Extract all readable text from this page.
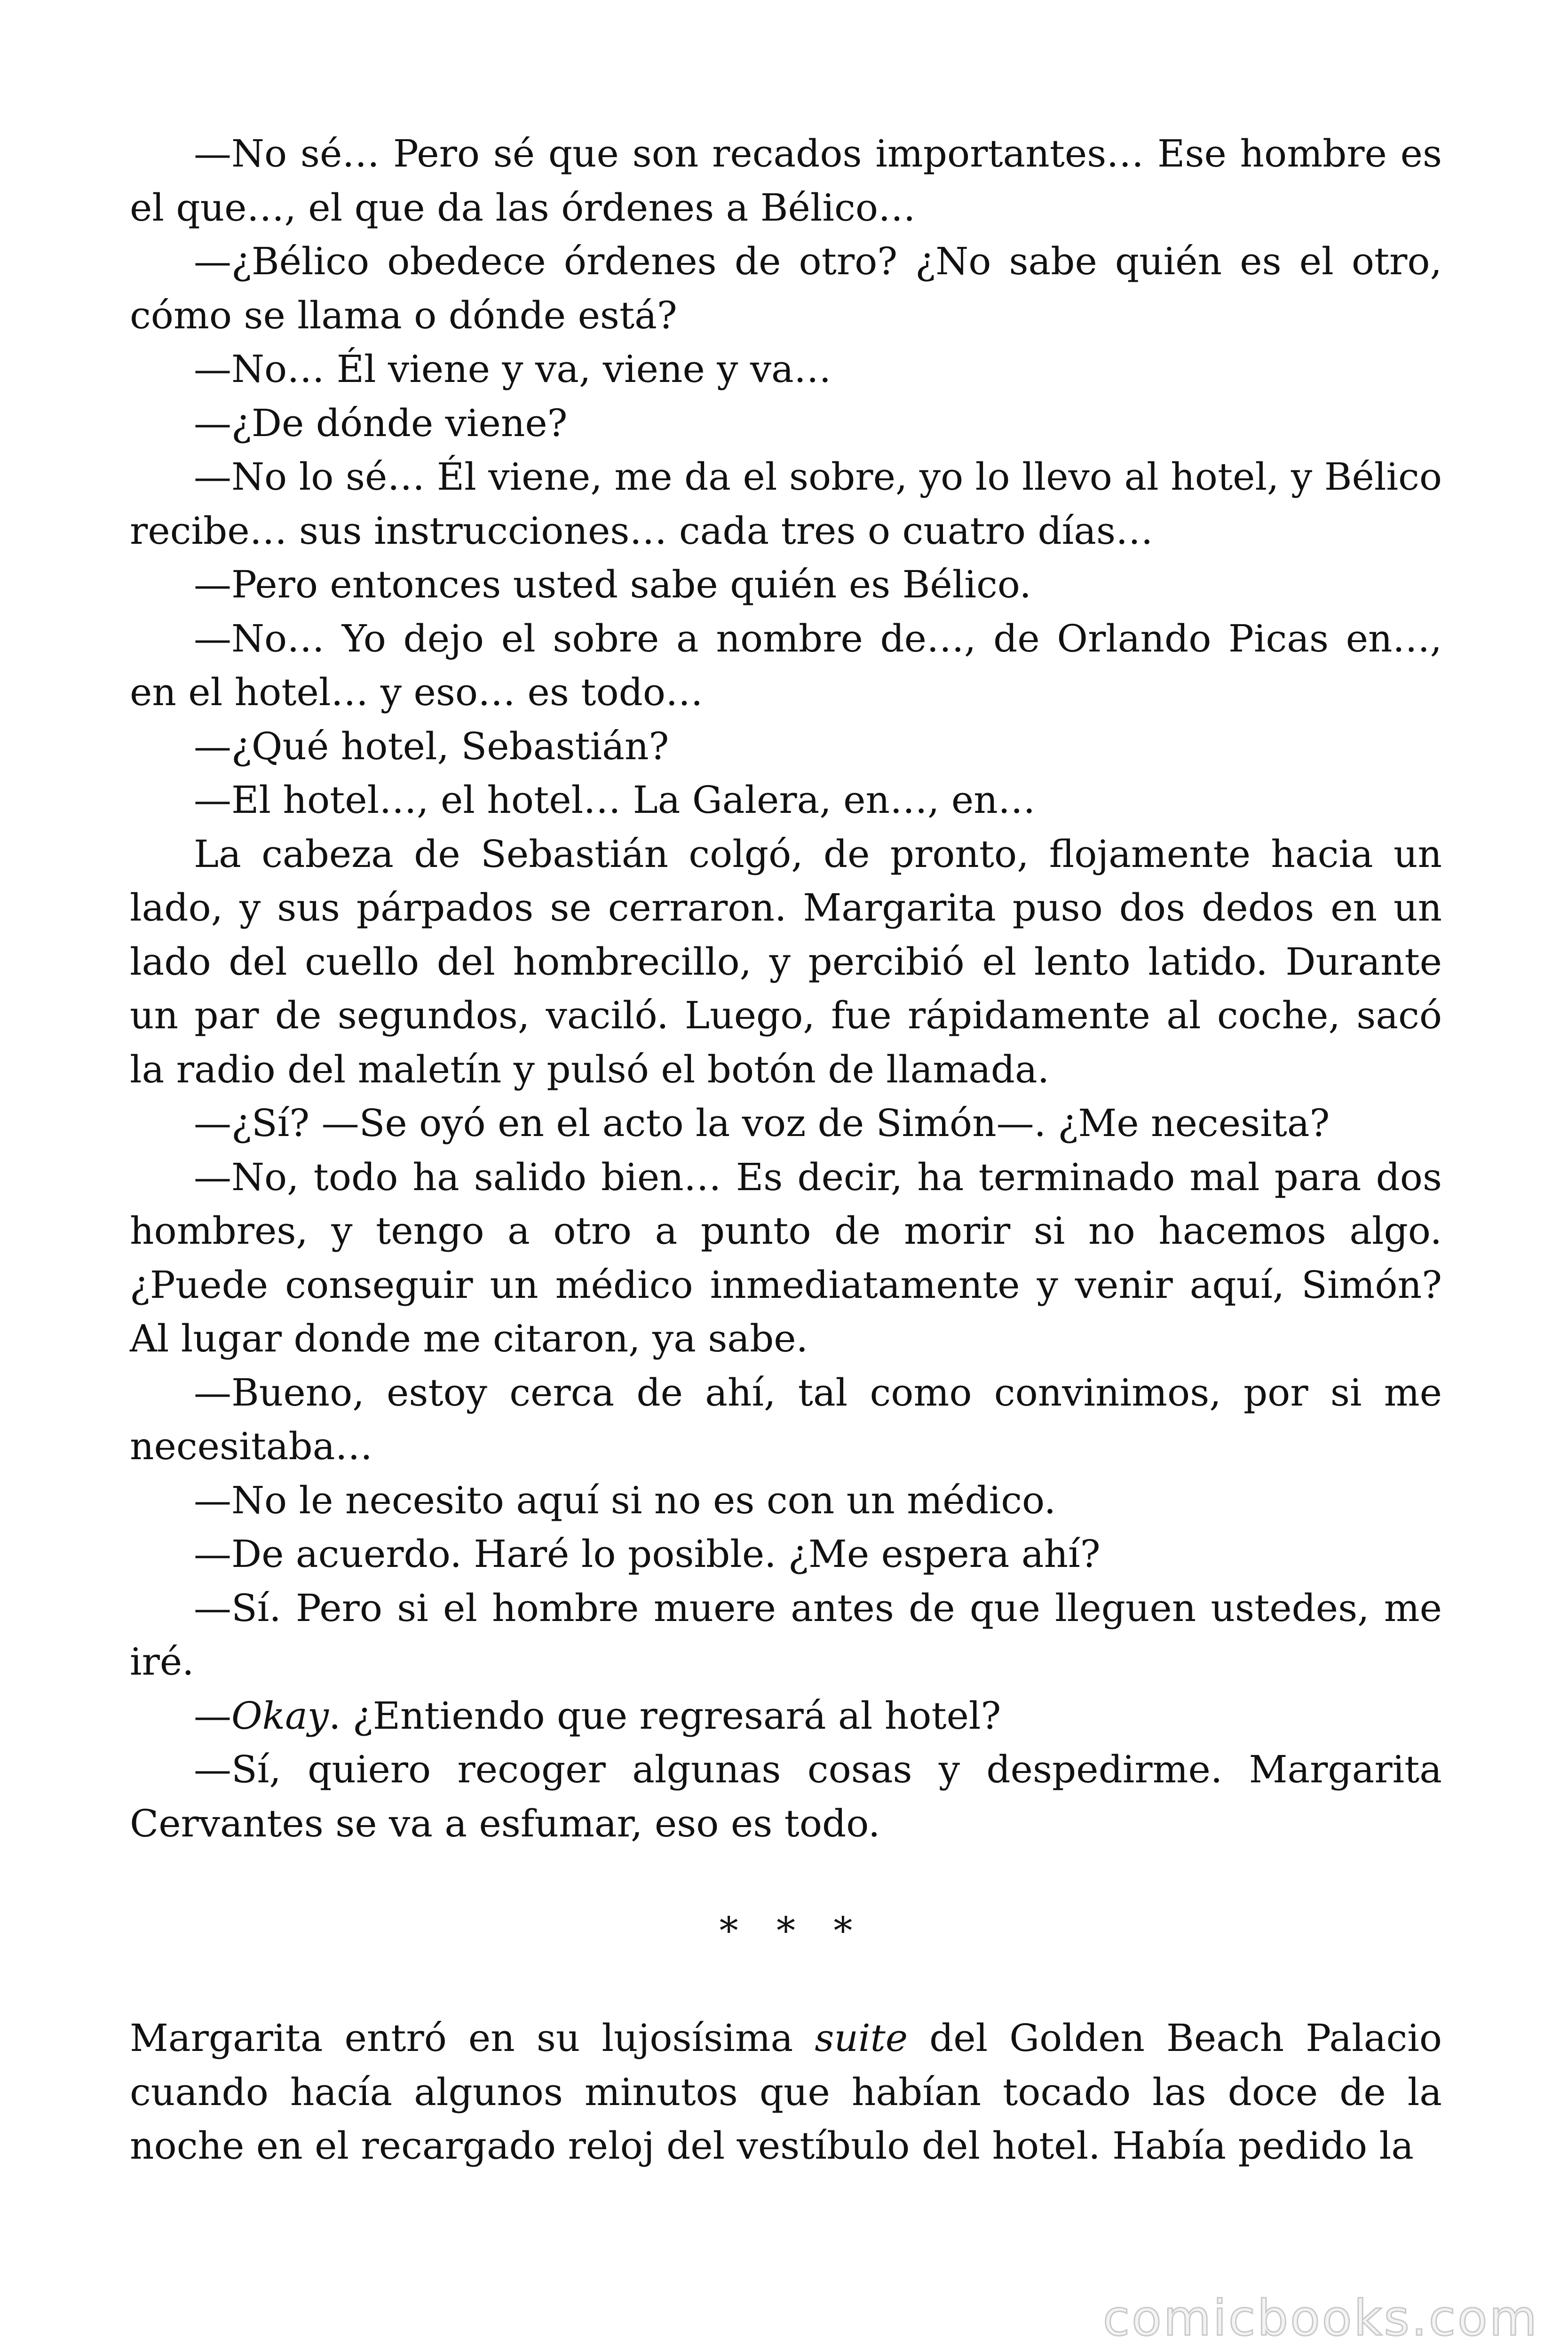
—No sé… Pero sé que son recados importantes… Ese hombre es el que…, el que da las órdenes a Bélico…

—¿Bélico obedece órdenes de otro? ¿No sabe quién es el otro, cómo se llama o dónde está?

—No… Él viene y va, viene y va…

—¿De dónde viene?

—No lo sé… Él viene, me da el sobre, yo lo llevo al hotel, y Bélico recibe… sus instrucciones… cada tres o cuatro días…

—Pero entonces usted sabe quién es Bélico.

—No… Yo dejo el sobre a nombre de…, de Orlando Picas en…, en el hotel… y eso… es todo…

—¿Qué hotel, Sebastián?

—El hotel…, el hotel… La Galera, en…, en…

La cabeza de Sebastián colgó, de pronto, flojamente hacia un lado, y sus párpados se cerraron. Margarita puso dos dedos en un lado del cuello del hombrecillo, y percibió el lento latido. Durante un par de segundos, vaciló. Luego, fue rápidamente al coche, sacó la radio del maletín y pulsó el botón de llamada.

—¿Sí? —Se oyó en el acto la voz de Simón—. ¿Me necesita?

—No, todo ha salido bien… Es decir, ha terminado mal para dos hombres, y tengo a otro a punto de morir si no hacemos algo. ¿Puede conseguir un médico inmediatamente y venir aquí, Simón? Al lugar donde me citaron, ya sabe.

—Bueno, estoy cerca de ahí, tal como convinimos, por si me necesitaba…

—No le necesito aquí si no es con un médico.

—De acuerdo. Haré lo posible. ¿Me espera ahí?

—Sí. Pero si el hombre muere antes de que lleguen ustedes, me iré.

—Okay. ¿Entiendo que regresará al hotel?

—Sí, quiero recoger algunas cosas y despedirme. Margarita Cervantes se va a esfumar, eso es todo.

* * *

Margarita entró en su lujosísima suite del Golden Beach Palacio cuando hacía algunos minutos que habían tocado las doce de la noche en el recargado reloj del vestíbulo del hotel. Había pedido la

comicbooks.com
